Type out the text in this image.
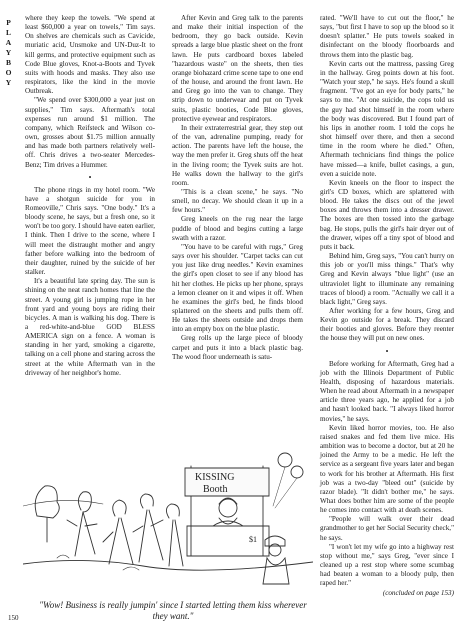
P
L
A
Y
B
O
Y

where they keep the towels. "We spend at least $60,000 a year on towels," Tim says. On shelves are chemicals such as Cavicide, muriatic acid, Unsmoke and UN-Duz-It to kill germs, and protective equipment such as Code Blue gloves, Knot-a-Boots and Tyvek suits with hoods and masks. They also use respirators, like the kind in the movie Outbreak.

"We spend over $300,000 a year just on supplies," Tim says. Aftermath's total expenses run around $1 million. The company, which Reifsteck and Wilson co-own, grosses about $1.75 million annually and has made both partners relatively well-off. Chris drives a two-seater Mercedes-Benz; Tim drives a Hummer.

•

The phone rings in my hotel room. "We have a shotgun suicide for you in Romeoville," Chris says. "One body." It's a bloody scene, he says, but a fresh one, so it won't be too gory. I should have eaten earlier, I think. Then I drive to the scene, where I will meet the distraught mother and angry father before walking into the bedroom of their daughter, ruined by the suicide of her stalker.

It's a beautiful late spring day. The sun is shining on the neat ranch homes that line the street. A young girl is jumping rope in her front yard and young boys are riding their bicycles. A man is walking his dog. There is a red-white-and-blue GOD BLESS AMERICA sign on a fence. A woman is standing in her yard, smoking a cigarette, talking on a cell phone and staring across the street at the white Aftermath van in the driveway of her neighbor's home.

After Kevin and Greg talk to the parents and make their initial inspection of the bedroom, they go back outside. Kevin spreads a large blue plastic sheet on the front lawn. He puts cardboard boxes labeled "hazardous waste" on the sheets, then ties orange biohazard crime scene tape to one end of the house, and around the front lawn. He and Greg go into the van to change. They strip down to underwear and put on Tyvek suits, plastic booties, Code Blue gloves, protective eyewear and respirators.

In their extraterrestrial gear, they step out of the van, adrenaline pumping, ready for action. The parents have left the house, the way the men prefer it. Greg shuts off the heat in the living room; the Tyvek suits are hot. He walks down the hallway to the girl's room.

"This is a clean scene," he says. "No smell, no decay. We should clean it up in a few hours."

Greg kneels on the rug near the large puddle of blood and begins cutting a large swath with a razor.

"You have to be careful with rugs," Greg says over his shoulder. "Carpet tacks can cut you just like drug needles." Kevin examines the girl's open closet to see if any blood has hit her clothes. He picks up her phone, sprays a lemon cleaner on it and wipes it off. When he examines the girl's bed, he finds blood splattered on the sheets and pulls them off. He takes the sheets outside and drops them into an empty box on the blue plastic.

Greg rolls up the large piece of bloody carpet and puts it into a black plastic bag. The wood floor underneath is satu-

rated. "We'll have to cut out the floor," he says, "but first I have to sop up the blood so it doesn't splatter." He puts towels soaked in disinfectant on the bloody floorboards and throws them into the plastic bag.

Kevin carts out the mattress, passing Greg in the hallway. Greg points down at his foot. "Watch your step," he says. He's found a skull fragment. "I've got an eye for body parts," he says to me. "At one suicide, the cops told us the guy had shot himself in the room where the body was discovered. But I found part of his lips in another room. I told the cops he shot himself over there, and then a second time in the room where he died." Often, Aftermath technicians find things the police have missed—a knife, bullet casings, a gun, even a suicide note.

Kevin kneels on the floor to inspect the girl's CD boxes, which are splattered with blood. He takes the discs out of the jewel boxes and throws them into a dresser drawer. The boxes are then tossed into the garbage bag. He stops, pulls the girl's hair dryer out of the drawer, wipes off a tiny spot of blood and puts it back.

Behind him, Greg says, "You can't hurry on this job or you'll miss things." That's why Greg and Kevin always "blue light" (use an ultraviolet light to illuminate any remaining traces of blood) a room. "Actually we call it a black light," Greg says.

After working for a few hours, Greg and Kevin go outside for a break. They discard their booties and gloves. Before they reenter the house they will put on new ones.

•

Before working for Aftermath, Greg had a job with the Illinois Department of Public Health, disposing of hazardous materials. When he read about Aftermath in a newspaper article three years ago, he applied for a job and hasn't looked back. "I always liked horror movies," he says.

Kevin liked horror movies, too. He also raised snakes and fed them live mice. His ambition was to become a doctor, but at 20 he joined the Army to be a medic. He left the service as a sergeant five years later and began to work for his brother at Aftermath. His first job was a two-day "bleed out" (suicide by razor blade). "It didn't bother me," he says. What does bother him are some of the people he comes into contact with at death scenes.

"People will walk over their dead grandmother to get her Social Security check," he says.

"I won't let my wife go into a highway rest stop without me," says Greg, "ever since I cleaned up a rest stop where some scumbag had beaten a woman to a bloody pulp, then raped her."

(concluded on page 153)

KISSING
Booth
$1
"Wow! Business is really jumpin' since I started letting them kiss wherever they want."
150
